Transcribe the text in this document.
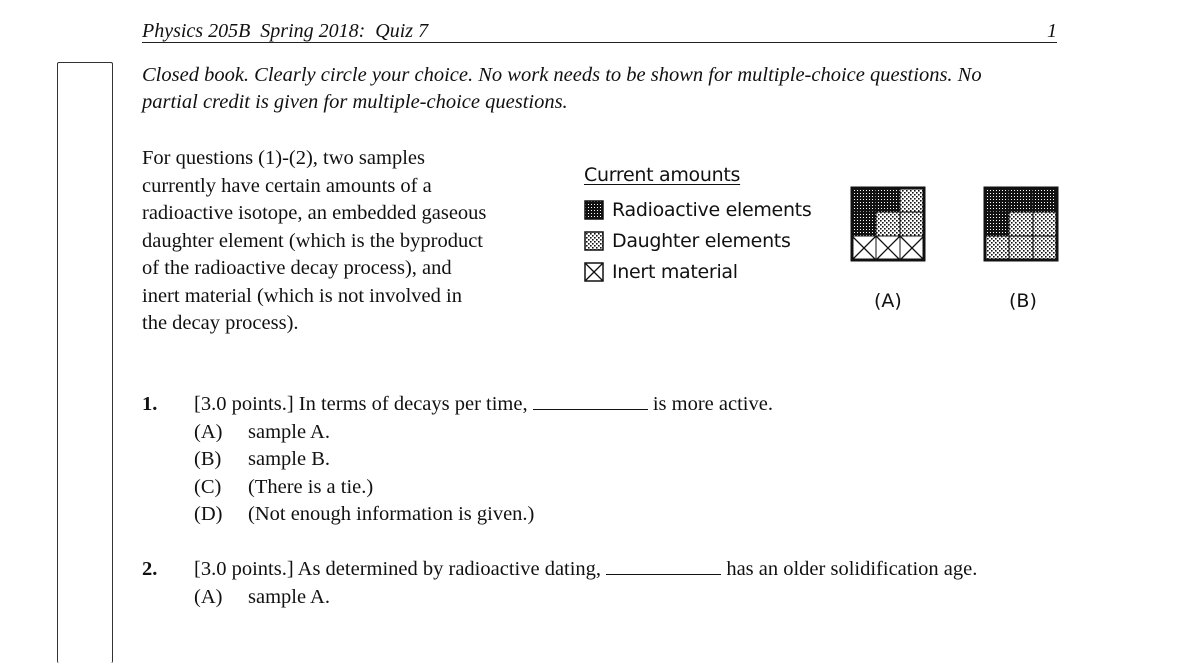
Physics 205B  Spring 2018:  Quiz 7	1
Closed book. Clearly circle your choice. No work needs to be shown for multiple-choice questions. No partial credit is given for multiple-choice questions.
For questions (1)-(2), two samples currently have certain amounts of a radioactive isotope, an embedded gaseous daughter element (which is the byproduct of the radioactive decay process), and inert material (which is not involved in the decay process).
Current amounts
Radioactive elements
Daughter elements
Inert material
(A)	(B)
1. [3.0 points.] In terms of decays per time,	is more active.
(A)	sample A.
(B)	sample B.
(C)	(There is a tie.)
(D)	(Not enough information is given.)
2. [3.0 points.] As determined by radioactive dating,	has an older solidification age.
(A)	sample A.
